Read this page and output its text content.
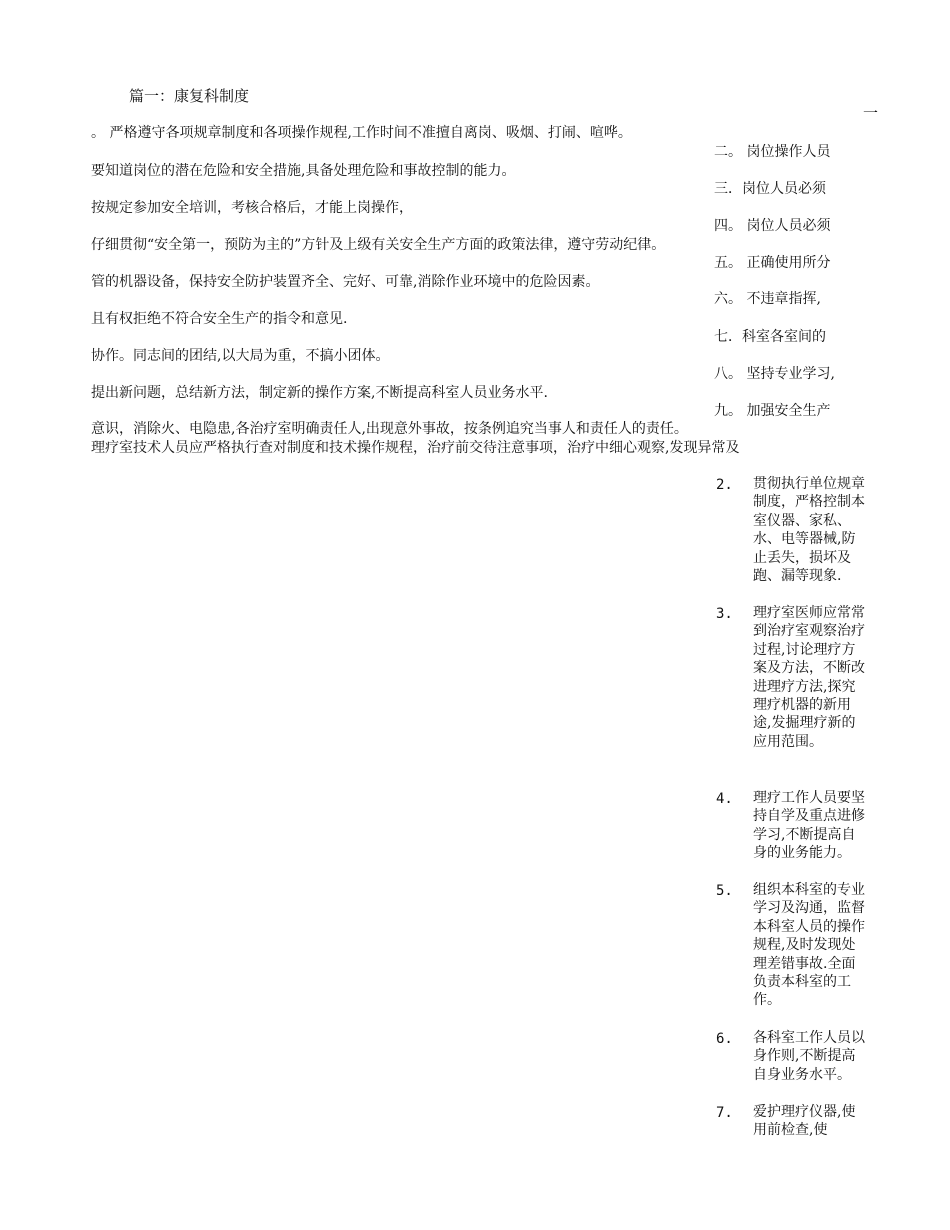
篇一：康复科制度
一
。 严格遵守各项规章制度和各项操作规程,工作时间不准擅自离岗、吸烟、打闹、喧哗。
要知道岗位的潜在危险和安全措施,具备处理危险和事故控制的能力。
按规定参加安全培训，考核合格后，才能上岗操作，
仔细贯彻“安全第一，预防为主的”方针及上级有关安全生产方面的政策法律，遵守劳动纪律。
管的机器设备，保持安全防护装置齐全、完好、可靠,消除作业环境中的危险因素。
且有权拒绝不符合安全生产的指令和意见.
协作。同志间的团结,以大局为重，不搞小团体。
提出新问题，总结新方法，制定新的操作方案,不断提高科室人员业务水平.
意识，消除火、电隐患,各治疗室明确责任人,出现意外事故，按条例追究当事人和责任人的责任。
理疗室技术人员应严格执行查对制度和技术操作规程，治疗前交待注意事项，治疗中细心观察,发现异常及
二。 岗位操作人员
三．岗位人员必须
四。 岗位人员必须
五。 正确使用所分
六。 不违章指挥,
七．科室各室间的
八。 坚持专业学习,
九。 加强安全生产
2. 贯彻执行单位规章制度，严格控制本室仪器、家私、水、电等器械,防止丢失，损坏及跑、漏等现象.
3. 理疗室医师应常常到治疗室观察治疗过程,讨论理疗方案及方法，不断改进理疗方法,探究理疗机器的新用途,发掘理疗新的应用范围。
4. 理疗工作人员要坚持自学及重点进修学习,不断提高自身的业务能力。
5. 组织本科室的专业学习及沟通，监督本科室人员的操作规程,及时发现处理差错事故.全面负责本科室的工作。
6. 各科室工作人员以身作则,不断提高自身业务水平。
7. 爱护理疗仪器,使用前检查,使
